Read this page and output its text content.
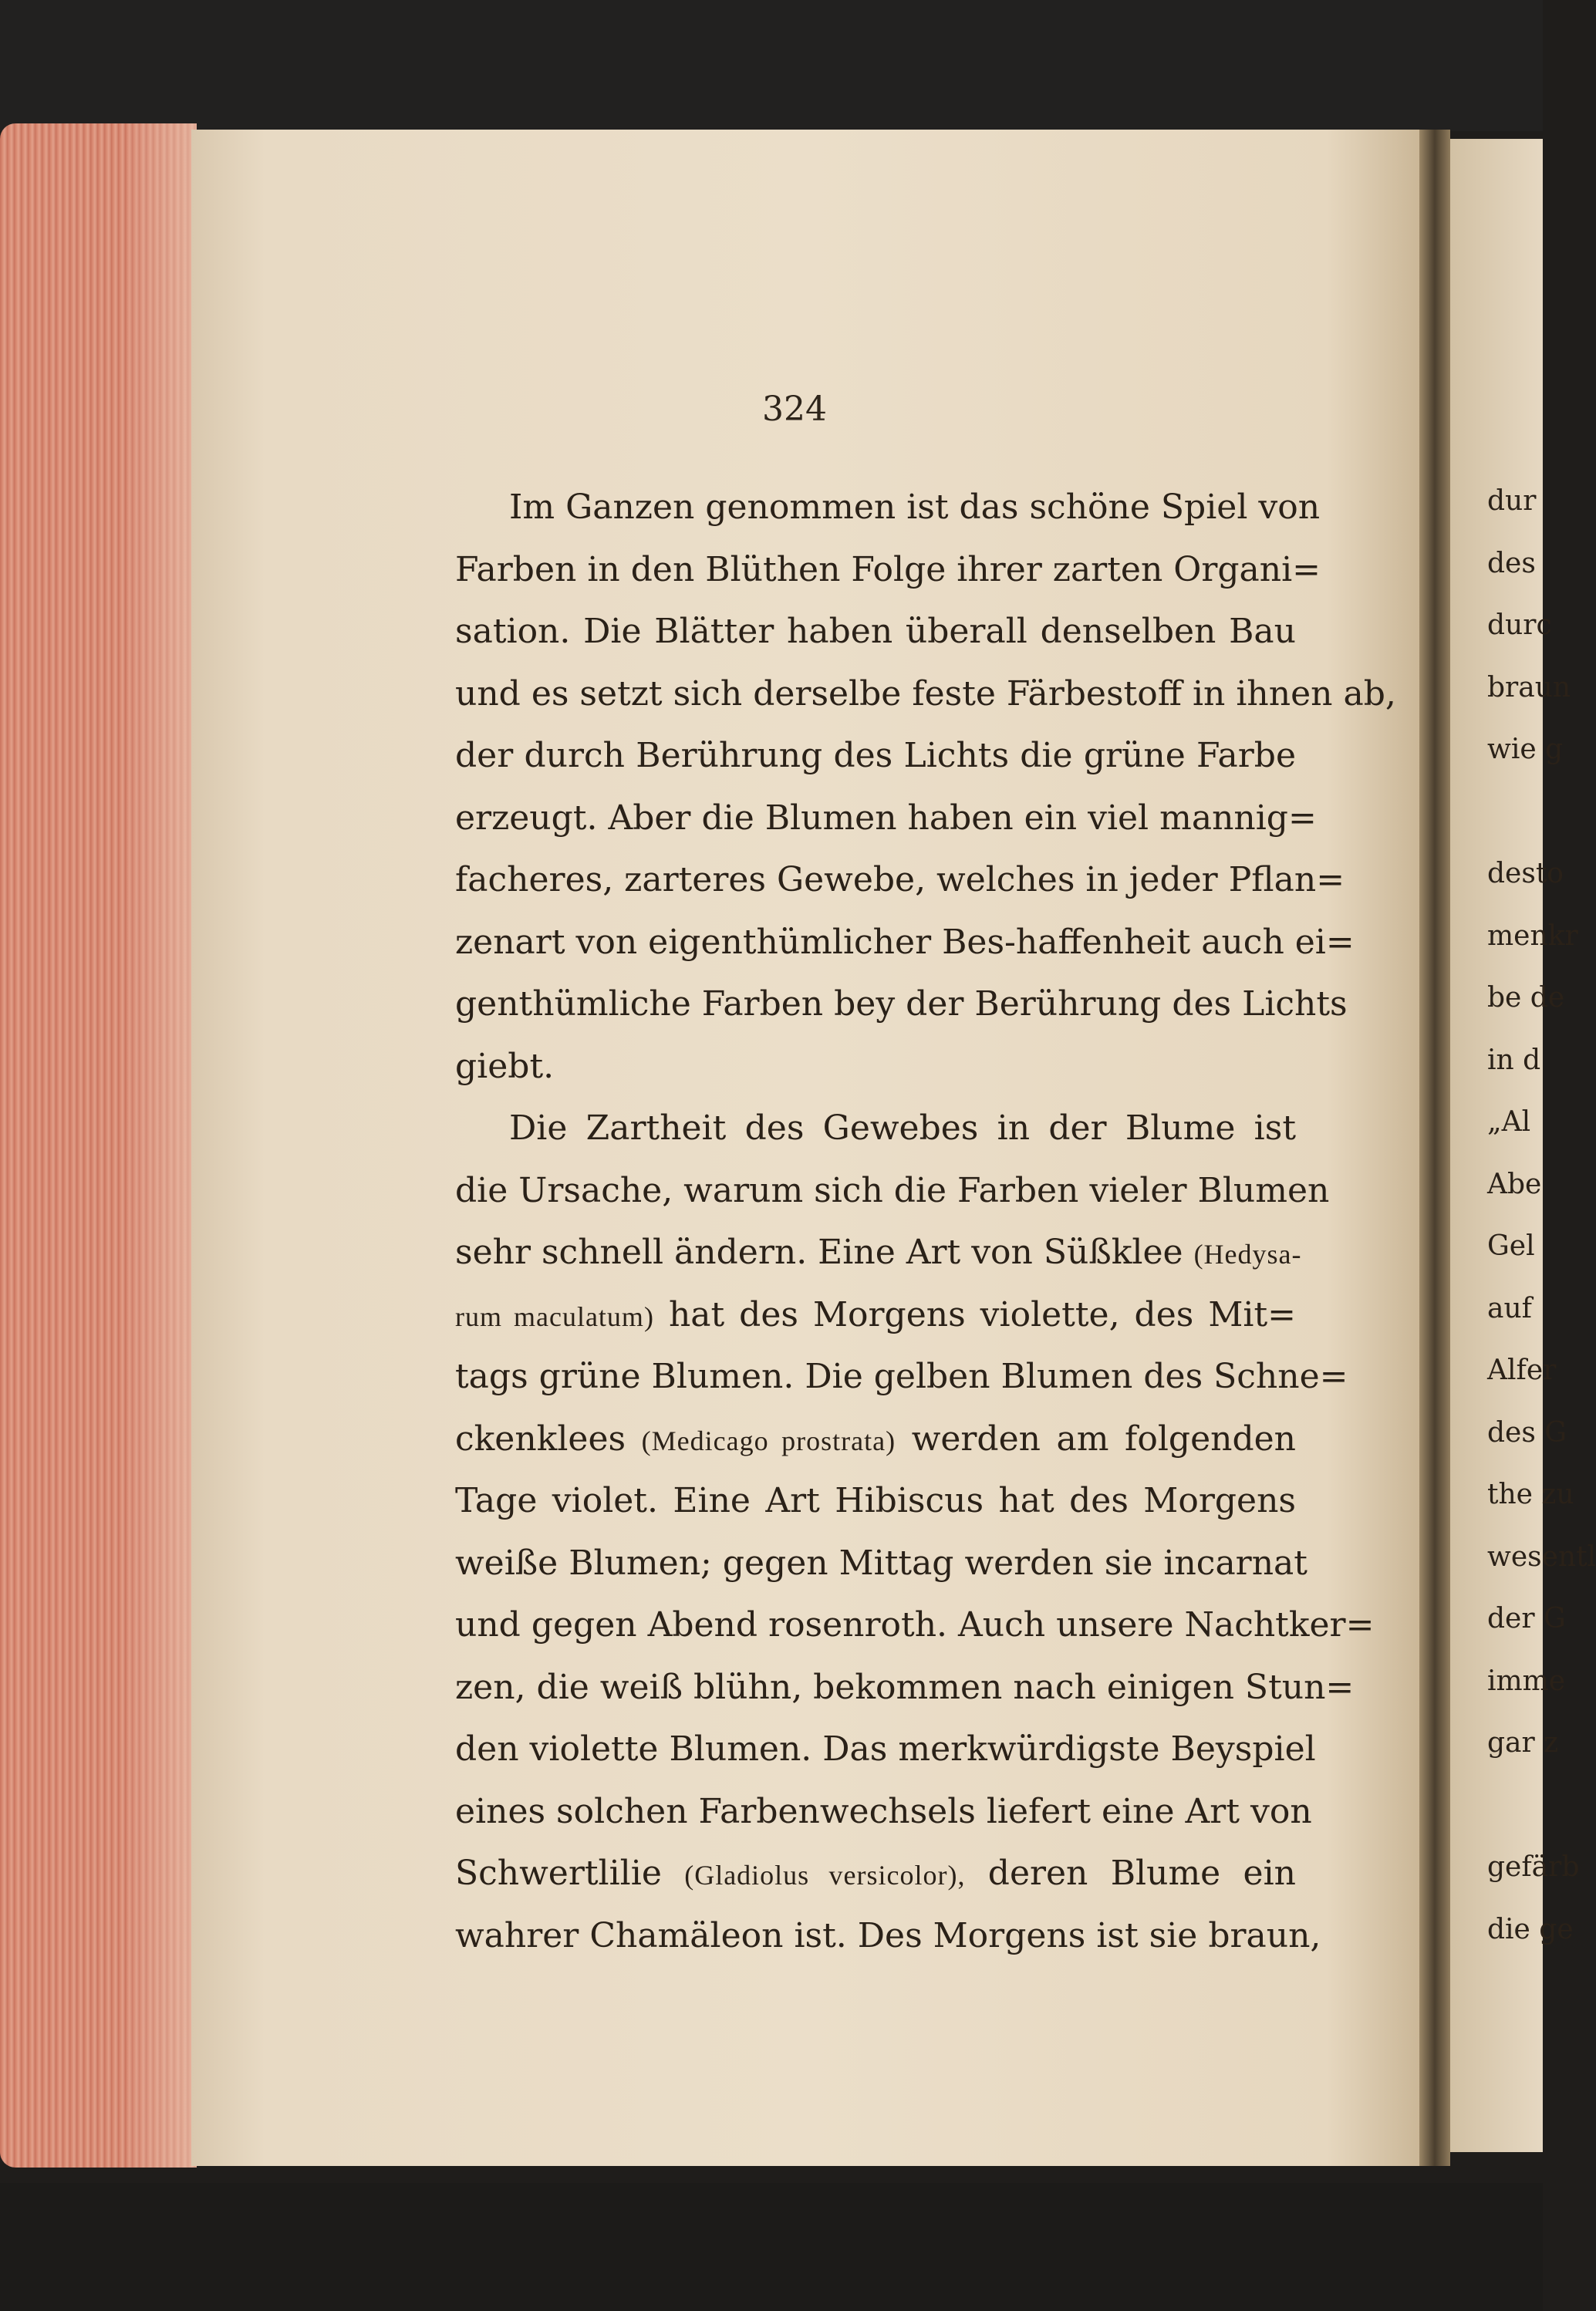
324
Im Ganzen genommen ist das schöne Spiel von
Farben in den Blüthen Folge ihrer zarten Organi=
sation. Die Blätter haben überall denselben Bau
und es setzt sich derselbe feste Färbestoff in ihnen ab,
der durch Berührung des Lichts die grüne Farbe
erzeugt. Aber die Blumen haben ein viel mannig=
facheres, zarteres Gewebe, welches in jeder Pflan=
zenart von eigenthümlicher Bes-haffenheit auch ei=
genthümliche Farben bey der Berührung des Lichts
giebt.
Die Zartheit des Gewebes in der Blume ist
die Ursache, warum sich die Farben vieler Blumen
sehr schnell ändern. Eine Art von Süßklee (Hedysa-
rum maculatum) hat des Morgens violette, des Mit=
tags grüne Blumen. Die gelben Blumen des Schne=
ckenklees (Medicago prostrata) werden am folgenden
Tage violet. Eine Art Hibiscus hat des Morgens
weiße Blumen; gegen Mittag werden sie incarnat
und gegen Abend rosenroth. Auch unsere Nachtker=
zen, die weiß blühn, bekommen nach einigen Stun=
den violette Blumen. Das merkwürdigste Beyspiel
eines solchen Farbenwechsels liefert eine Art von
Schwertlilie (Gladiolus versicolor), deren Blume ein
wahrer Chamäleon ist. Des Morgens ist sie braun,
dur
des
durc
braun
wie g
desto
menkr
be de
in d
„Al
Abe
Gel
auf
Alfer
des G
the zu
wesentl
der G
imme
gar z
gefärb
die ge
